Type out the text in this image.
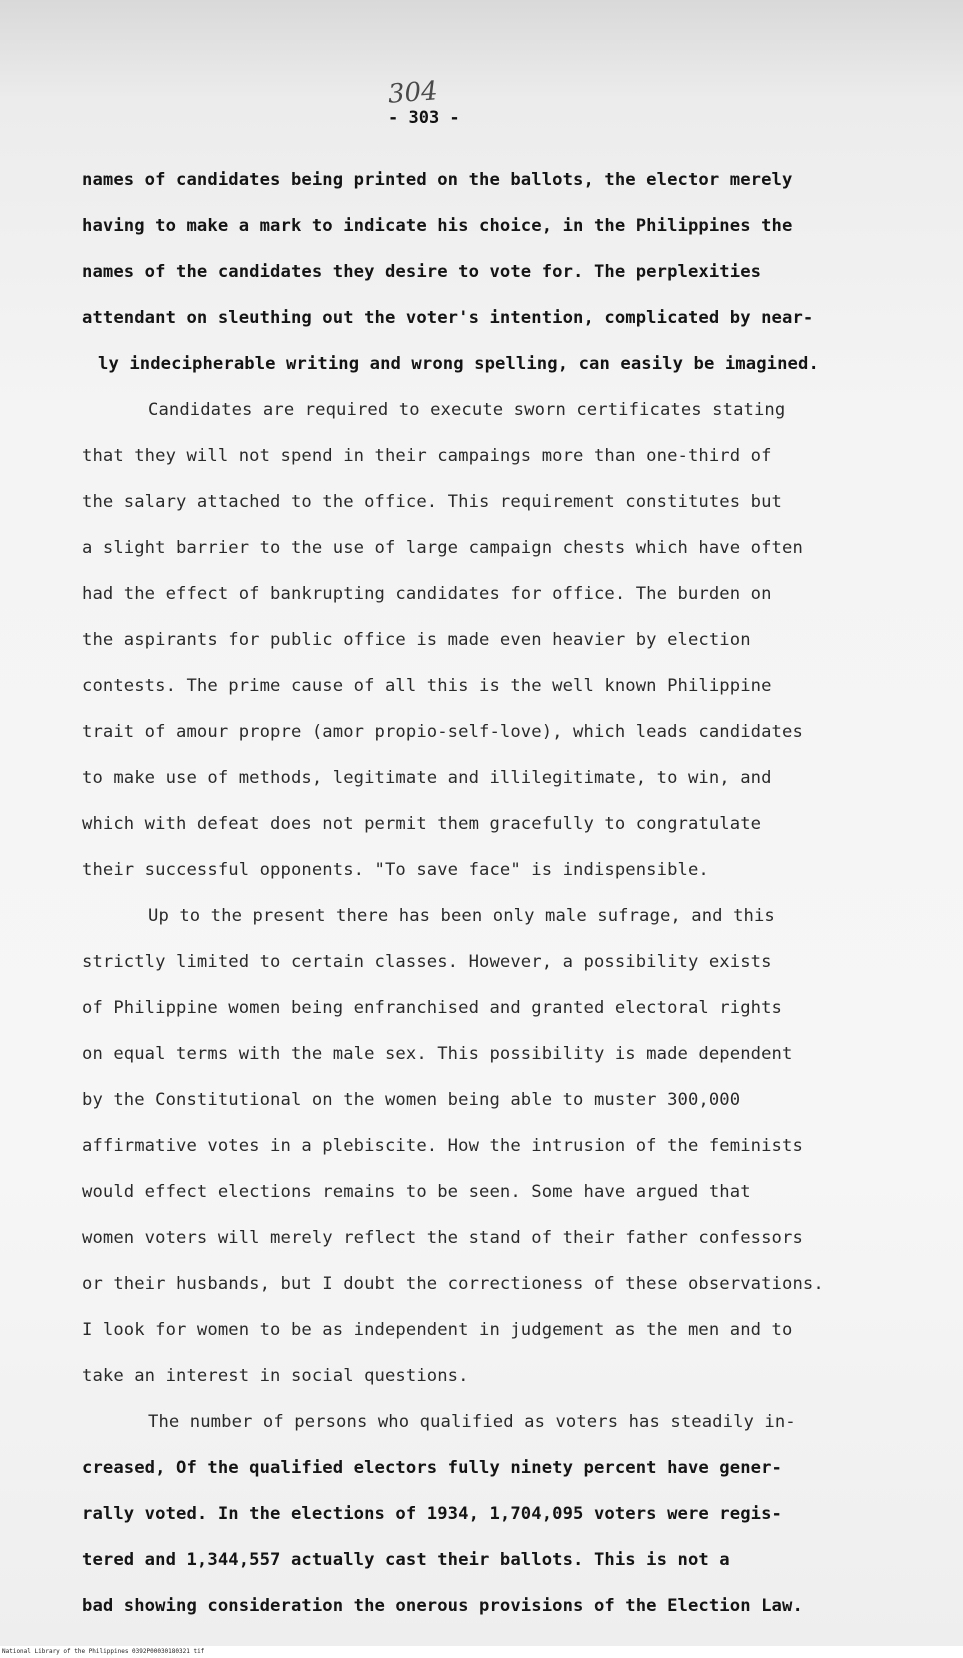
304
- 303 -
names of candidates being printed on the ballots, the elector merely
having to make a mark to indicate his choice, in the Philippines the
names of the candidates they desire to vote for. The perplexities
attendant on sleuthing out the voter's intention, complicated by near-
ly indecipherable writing and wrong spelling, can easily be imagined.
Candidates are required to execute sworn certificates stating
that they will not spend in their campaings more than one-third of
the salary attached to the office. This requirement constitutes but
a slight barrier to the use of large campaign chests which have often
had the effect of bankrupting candidates for office. The burden on
the aspirants for public office is made even heavier by election
contests. The prime cause of all this is the well known Philippine
trait of amour propre (amor propio-self-love), which leads candidates
to make use of methods, legitimate and illilegitimate, to win, and
which with defeat does not permit them gracefully to congratulate
their successful opponents. "To save face" is indispensible.
Up to the present there has been only male sufrage, and this
strictly limited to certain classes. However, a possibility exists
of Philippine women being enfranchised and granted electoral rights
on equal terms with the male sex. This possibility is made dependent
by the Constitutional on the women being able to muster 300,000
affirmative votes in a plebiscite. How the intrusion of the feminists
would effect elections remains to be seen. Some have argued that
women voters will merely reflect the stand of their father confessors
or their husbands, but I doubt the correctioness of these observations.
I look for women to be as independent in judgement as the men and to
take an interest in social questions.
The number of persons who qualified as voters has steadily in-
creased, Of the qualified electors fully ninety percent have gener-
rally voted. In the elections of 1934, 1,704,095 voters were regis-
tered and 1,344,557 actually cast their ballots. This is not a
bad showing consideration the onerous provisions of the Election Law.
National Library of the Philippines 0392P00030180321 tif
